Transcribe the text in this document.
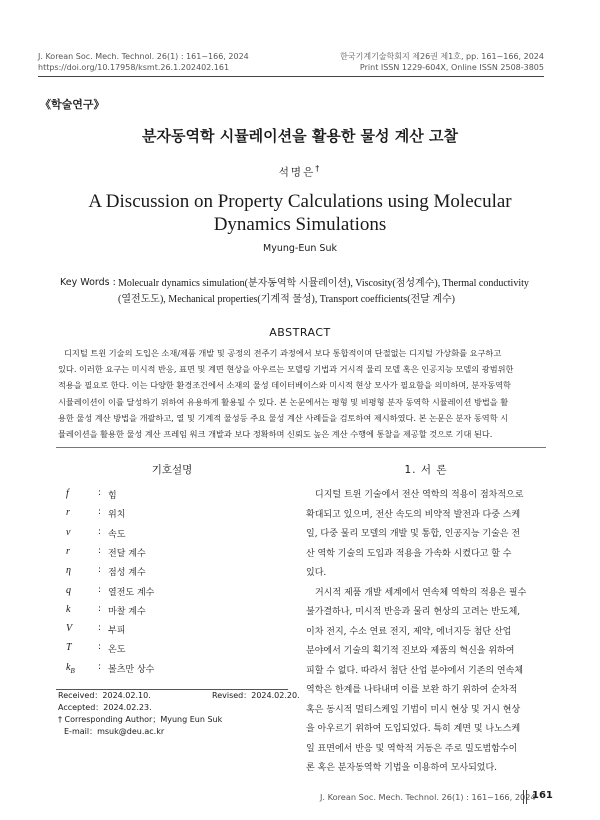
J. Korean Soc. Mech. Technol. 26(1) : 161~166, 2024
https://doi.org/10.17958/ksmt.26.1.202402.161
한국기계기술학회지 제26권 제1호, pp. 161~166, 2024
Print ISSN 1229-604X, Online ISSN 2508-3805
《학술연구》
분자동역학 시뮬레이션을 활용한 물성 계산 고찰
석명은†
A Discussion on Property Calculations using Molecular
Dynamics Simulations
Myung-Eun Suk
Key Words : Molecualr dynamics simulation(분자동역학 시뮬레이션), Viscosity(점성계수), Thermal conductivity
(열전도도), Mechanical properties(기계적 물성), Transport coefficients(전달 계수)
ABSTRACT
디지털 트윈 기술의 도입은 소재/제품 개발 및 공정의 전주기 과정에서 보다 통합적이며 단절없는 디지털 가상화를 요구하고
있다. 이러한 요구는 미시적 반응, 표면 및 계면 현상을 아우르는 모델링 기법과 거시적 물리 모델 혹은 인공지능 모델의 광범위한
적용을 필요로 한다. 이는 다양한 환경조건에서 소재의 물성 데이터베이스와 미시적 현상 모사가 필요함을 의미하며, 분자동역학
시뮬레이션이 이를 달성하기 위하여 유용하게 활용될 수 있다. 본 논문에서는 평형 및 비평형 분자 동역학 시뮬레이션 방법을 활
용한 물성 계산 방법을 개괄하고, 열 및 기계적 물성등 주요 물성 계산 사례들을 검토하여 제시하였다. 본 논문은 분자 동역학 시
뮬레이션을 활용한 물성 계산 프레임 워크 개발과 보다 정확하며 신뢰도 높은 계산 수행에 통찰을 제공할 것으로 기대 된다.
기호설명
f	: 힘
r	: 위치
v	: 속도
r	: 전달 계수
η	: 점성 계수
q	: 열전도 계수
k	: 마찰 계수
V	: 부피
T	: 온도
$k_B$	: 볼츠만 상수
Received：2024.02.10.	Revised：2024.02.20.
Accepted：2024.02.23.
† Corresponding Author；Myung Eun Suk
E-mail：msuk@deu.ac.kr
1. 서 론
디지털 트윈 기술에서 전산 역학의 적용이 점차적으로
확대되고 있으며, 전산 속도의 비약적 발전과 다중 스케
일, 다중 물리 모델의 개발 및 통합, 인공지능 기술은 전
산 역학 기술의 도입과 적용을 가속화 시켰다고 할 수
있다.
거시적 제품 개발 세계에서 연속체 역학의 적용은 필수
불가결하나, 미시적 반응과 물리 현상의 고려는 반도체,
이차 전지, 수소 연료 전지, 제약, 에너지등 첨단 산업
분야에서 기술의 획기적 진보와 제품의 혁신을 위하여
피할 수 없다. 따라서 첨단 산업 분야에서 기존의 연속체
역학은 한계를 나타내며 이를 보완 하기 위하여 순차적
혹은 동시적 멀티스케일 기법이 미시 현상 및 거시 현상
을 아우르기 위하여 도입되었다. 특히 계면 및 나노스케
일 표면에서 반응 및 역학적 거동은 주로 밀도범함수이
론 혹은 분자동역학 기법을 이용하여 모사되었다.
J. Korean Soc. Mech. Technol. 26(1) : 161~166, 2024
161
